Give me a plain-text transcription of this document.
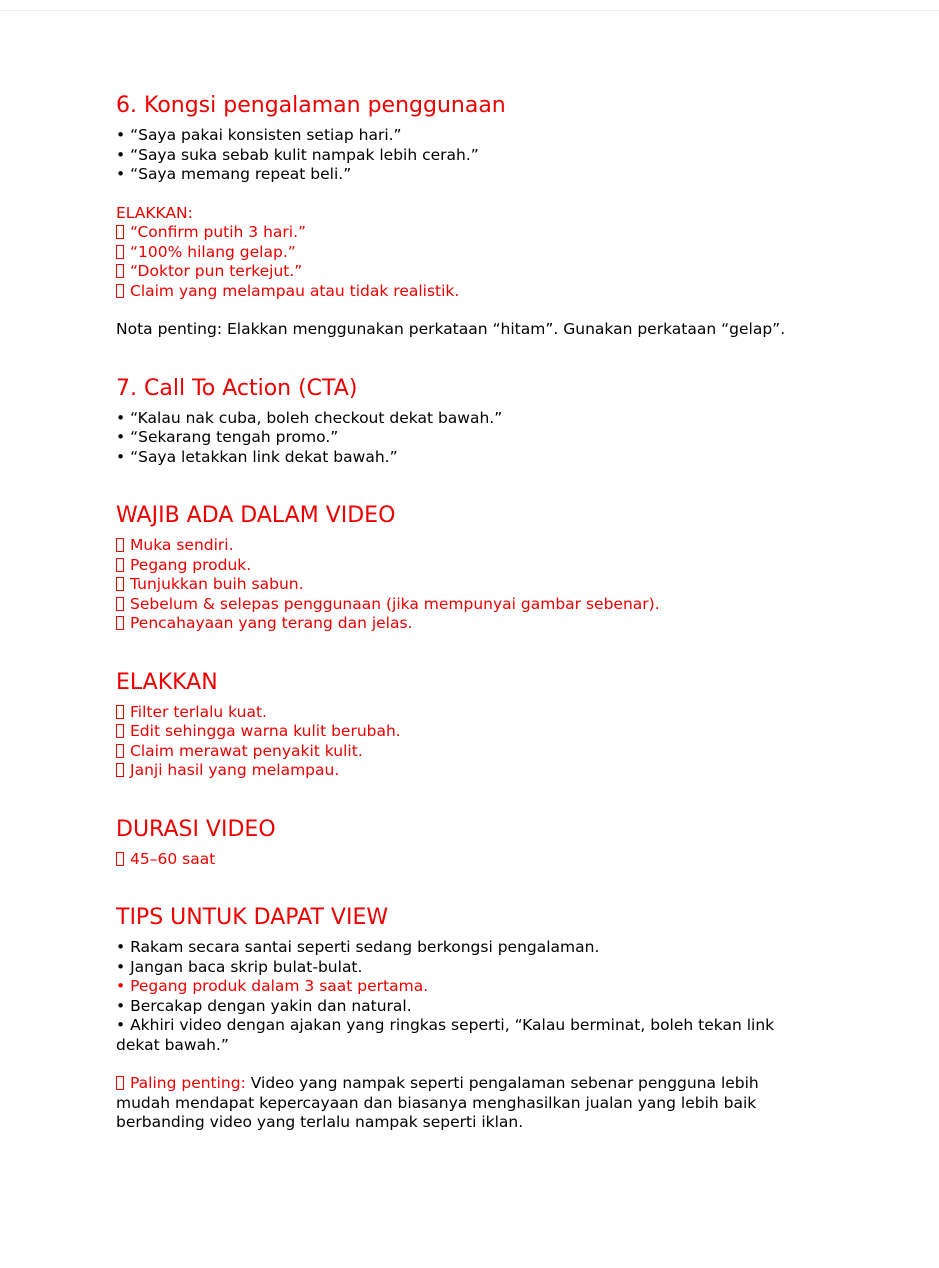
6. Kongsi pengalaman penggunaan
• “Saya pakai konsisten setiap hari.”
• “Saya suka sebab kulit nampak lebih cerah.”
• “Saya memang repeat beli.”
ELAKKAN:
“Confirm putih 3 hari.”
“100% hilang gelap.”
“Doktor pun terkejut.”
Claim yang melampau atau tidak realistik.
Nota penting: Elakkan menggunakan perkataan “hitam”. Gunakan perkataan “gelap”.
7. Call To Action (CTA)
• “Kalau nak cuba, boleh checkout dekat bawah.”
• “Sekarang tengah promo.”
• “Saya letakkan link dekat bawah.”
WAJIB ADA DALAM VIDEO
Muka sendiri.
Pegang produk.
Tunjukkan buih sabun.
Sebelum & selepas penggunaan (jika mempunyai gambar sebenar).
Pencahayaan yang terang dan jelas.
ELAKKAN
Filter terlalu kuat.
Edit sehingga warna kulit berubah.
Claim merawat penyakit kulit.
Janji hasil yang melampau.
DURASI VIDEO
45–60 saat
TIPS UNTUK DAPAT VIEW
• Rakam secara santai seperti sedang berkongsi pengalaman.
• Jangan baca skrip bulat-bulat.
• Pegang produk dalam 3 saat pertama.
• Bercakap dengan yakin dan natural.
• Akhiri video dengan ajakan yang ringkas seperti, “Kalau berminat, boleh tekan link dekat bawah.”
Paling penting: Video yang nampak seperti pengalaman sebenar pengguna lebih mudah mendapat kepercayaan dan biasanya menghasilkan jualan yang lebih baik berbanding video yang terlalu nampak seperti iklan.
